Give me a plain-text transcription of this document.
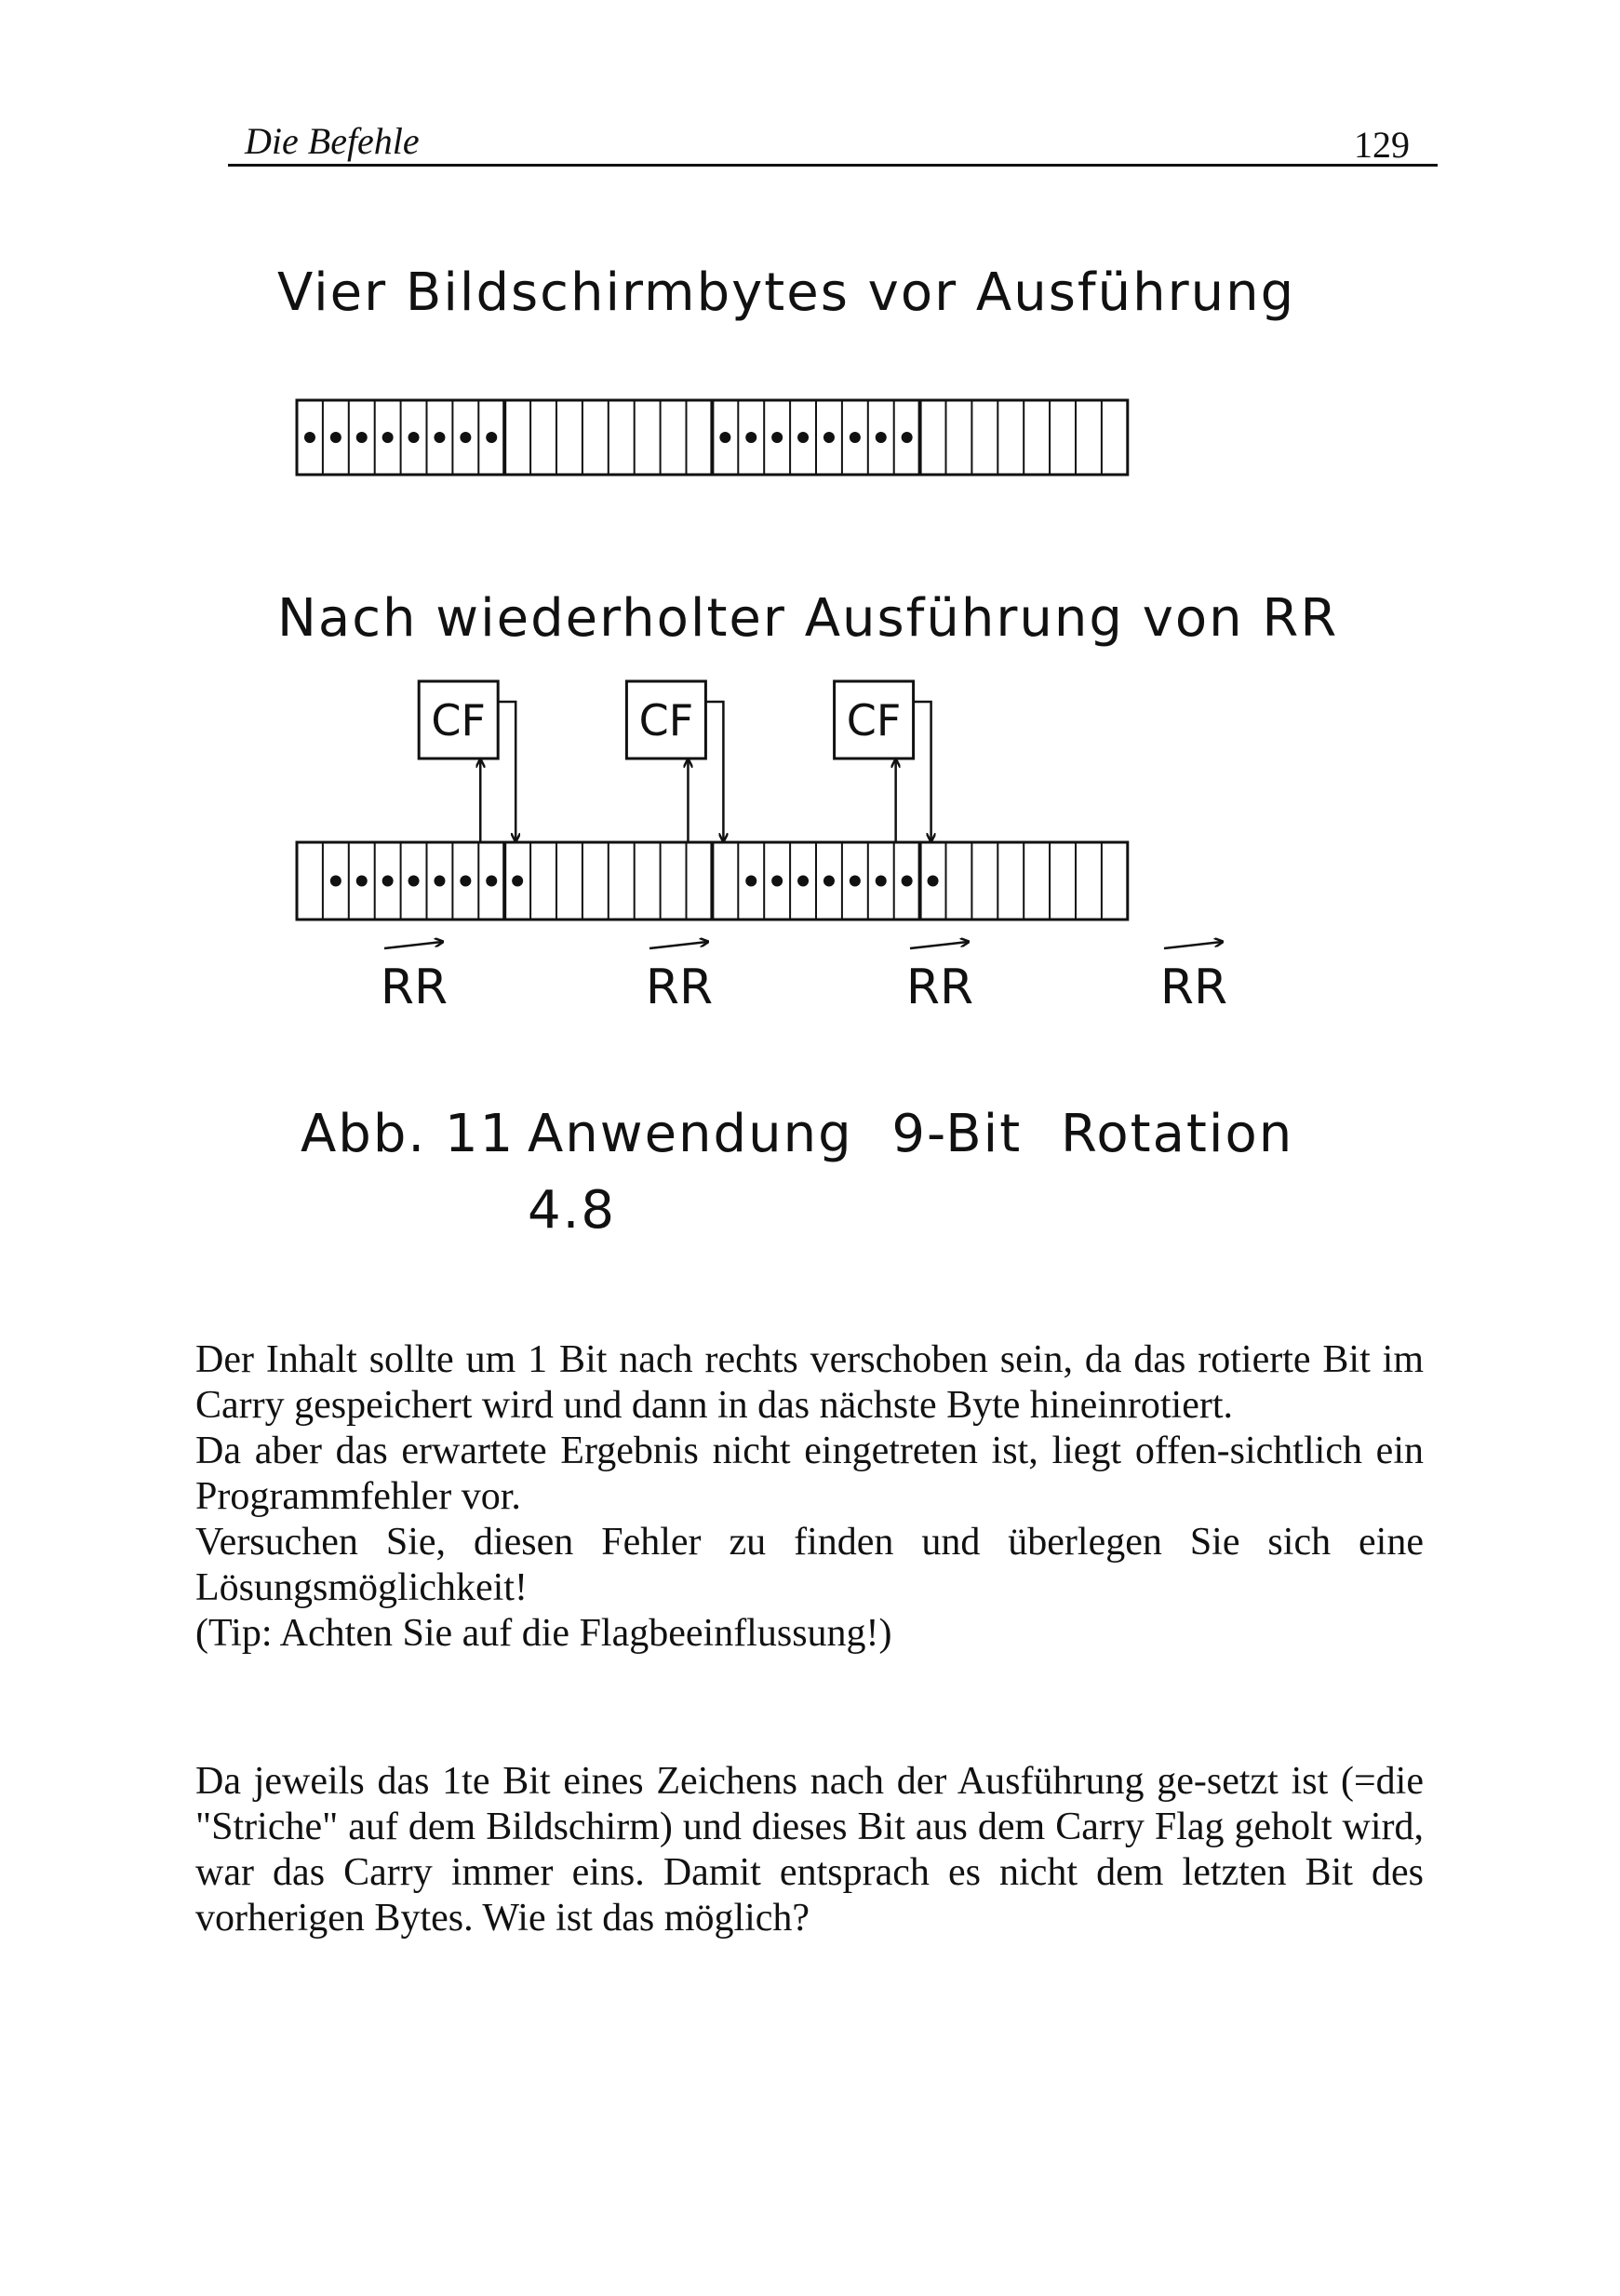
Die Befehle	129
Vier Bildschirmbytes vor Ausführung
Nach wiederholter Ausführung von RR
CF	CF	CF
RR	RR	RR	RR
Abb. 11 Anwendung 9-Bit Rotation
4.8

Der Inhalt sollte um 1 Bit nach rechts verschoben sein, da das rotierte Bit im Carry gespeichert wird und dann in das nächste Byte hineinrotiert.

Da aber das erwartete Ergebnis nicht eingetreten ist, liegt offen-sichtlich ein Programmfehler vor.

Versuchen Sie, diesen Fehler zu finden und überlegen Sie sich eine Lösungsmöglichkeit!

(Tip: Achten Sie auf die Flagbeeinflussung!)

Da jeweils das 1te Bit eines Zeichens nach der Ausführung ge-setzt ist (=die "Striche" auf dem Bildschirm) und dieses Bit aus dem Carry Flag geholt wird, war das Carry immer eins. Damit entsprach es nicht dem letzten Bit des vorherigen Bytes. Wie ist das möglich?
